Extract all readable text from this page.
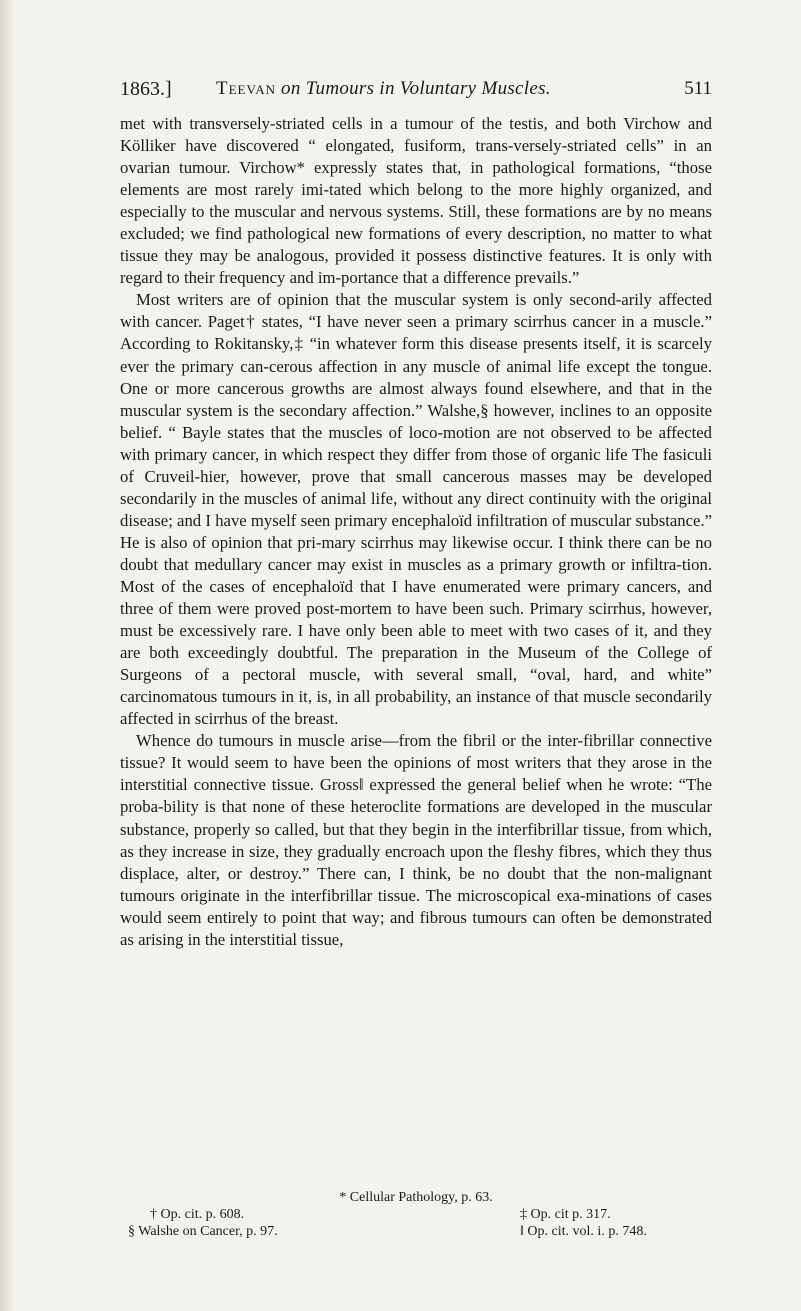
1863.] Teevan on Tumours in Voluntary Muscles.	511

met with transversely-striated cells in a tumour of the testis, and both Virchow and Kölliker have discovered “ elongated, fusiform, trans-versely-striated cells” in an ovarian tumour. Virchow* expressly states that, in pathological formations, “those elements are most rarely imi-tated which belong to the more highly organized, and especially to the muscular and nervous systems. Still, these formations are by no means excluded; we find pathological new formations of every description, no matter to what tissue they may be analogous, provided it possess distinctive features. It is only with regard to their frequency and im-portance that a difference prevails.”

Most writers are of opinion that the muscular system is only second-arily affected with cancer. Paget† states, “I have never seen a primary scirrhus cancer in a muscle.” According to Rokitansky,‡ “in whatever form this disease presents itself, it is scarcely ever the primary can-cerous affection in any muscle of animal life except the tongue. One or more cancerous growths are almost always found elsewhere, and that in the muscular system is the secondary affection.” Walshe,§ however, inclines to an opposite belief. “ Bayle states that the muscles of loco-motion are not observed to be affected with primary cancer, in which respect they differ from those of organic life The fasiculi of Cruveil-hier, however, prove that small cancerous masses may be developed secondarily in the muscles of animal life, without any direct continuity with the original disease; and I have myself seen primary encephaloïd infiltration of muscular substance.” He is also of opinion that pri-mary scirrhus may likewise occur. I think there can be no doubt that medullary cancer may exist in muscles as a primary growth or infiltra-tion. Most of the cases of encephaloïd that I have enumerated were primary cancers, and three of them were proved post-mortem to have been such. Primary scirrhus, however, must be excessively rare. I have only been able to meet with two cases of it, and they are both exceedingly doubtful. The preparation in the Museum of the College of Surgeons of a pectoral muscle, with several small, “oval, hard, and white” carcinomatous tumours in it, is, in all probability, an instance of that muscle secondarily affected in scirrhus of the breast.

Whence do tumours in muscle arise—from the fibril or the inter-fibrillar connective tissue? It would seem to have been the opinions of most writers that they arose in the interstitial connective tissue. Gross‖ expressed the general belief when he wrote: “The proba-bility is that none of these heteroclite formations are developed in the muscular substance, properly so called, but that they begin in the interfibrillar tissue, from which, as they increase in size, they gradually encroach upon the fleshy fibres, which they thus displace, alter, or destroy.” There can, I think, be no doubt that the non-malignant tumours originate in the interfibrillar tissue. The microscopical exa-minations of cases would seem entirely to point that way; and fibrous tumours can often be demonstrated as arising in the interstitial tissue,

* Cellular Pathology, p. 63.
† Op. cit. p. 608.	‡ Op. cit p. 317.
§ Walshe on Cancer, p. 97.	‖ Op. cit. vol. i. p. 748.
